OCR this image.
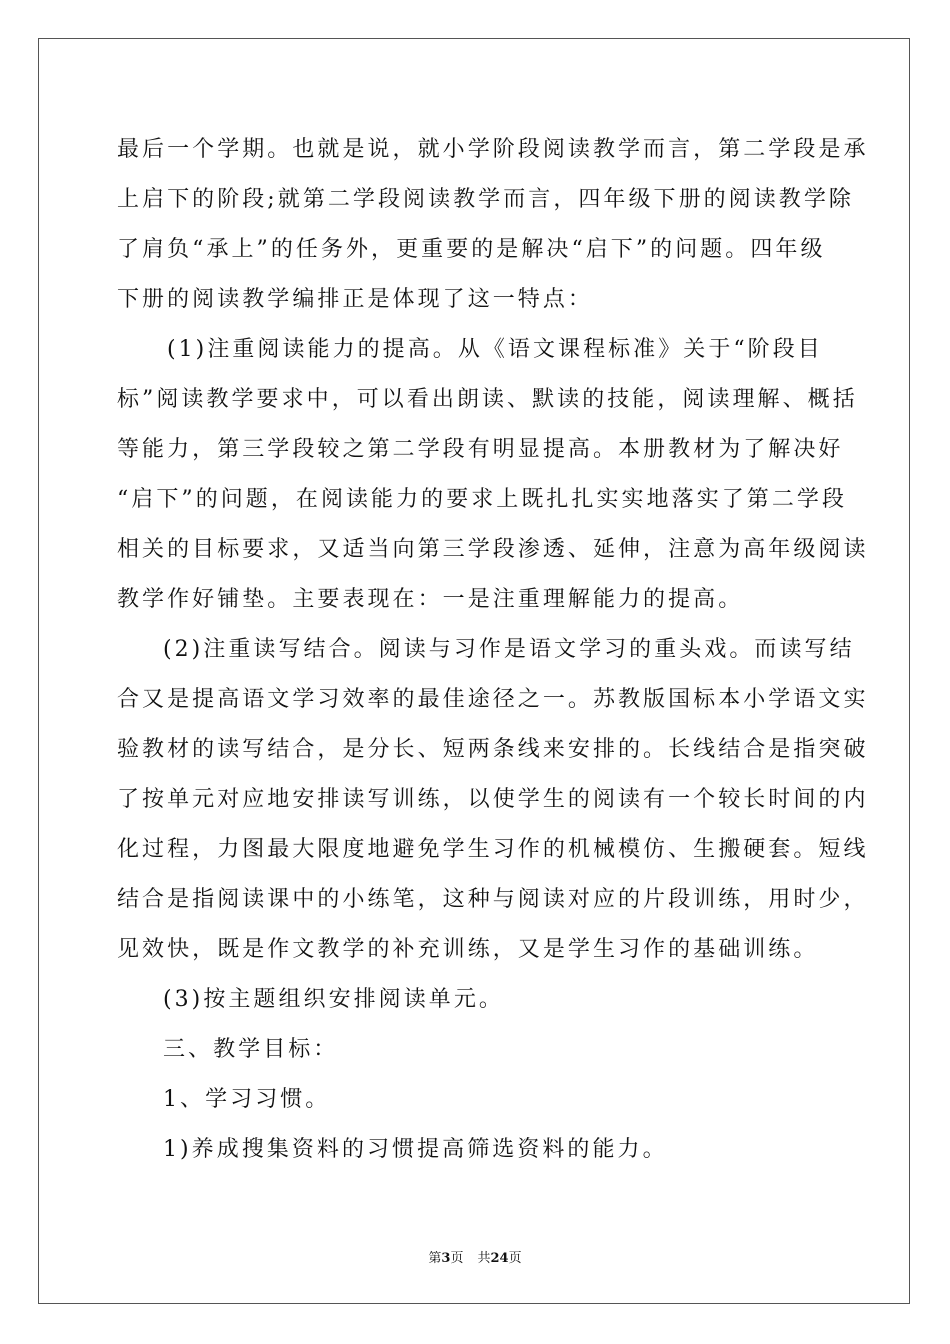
最后一个学期。也就是说，就小学阶段阅读教学而言，第二学段是承
上启下的阶段;就第二学段阅读教学而言，四年级下册的阅读教学除
了肩负“承上”的任务外，更重要的是解决“启下”的问题。四年级
下册的阅读教学编排正是体现了这一特点：
(1)注重阅读能力的提高。从《语文课程标准》关于“阶段目
标”阅读教学要求中，可以看出朗读、默读的技能，阅读理解、概括
等能力，第三学段较之第二学段有明显提高。本册教材为了解决好
“启下”的问题，在阅读能力的要求上既扎扎实实地落实了第二学段
相关的目标要求，又适当向第三学段渗透、延伸，注意为高年级阅读
教学作好铺垫。主要表现在：一是注重理解能力的提高。
(2)注重读写结合。阅读与习作是语文学习的重头戏。而读写结
合又是提高语文学习效率的最佳途径之一。苏教版国标本小学语文实
验教材的读写结合，是分长、短两条线来安排的。长线结合是指突破
了按单元对应地安排读写训练，以使学生的阅读有一个较长时间的内
化过程，力图最大限度地避免学生习作的机械模仿、生搬硬套。短线
结合是指阅读课中的小练笔，这种与阅读对应的片段训练，用时少，
见效快，既是作文教学的补充训练，又是学生习作的基础训练。
(3)按主题组织安排阅读单元。
三、教学目标：
1、学习习惯。
1)养成搜集资料的习惯提高筛选资料的能力。
第3页 共24页
